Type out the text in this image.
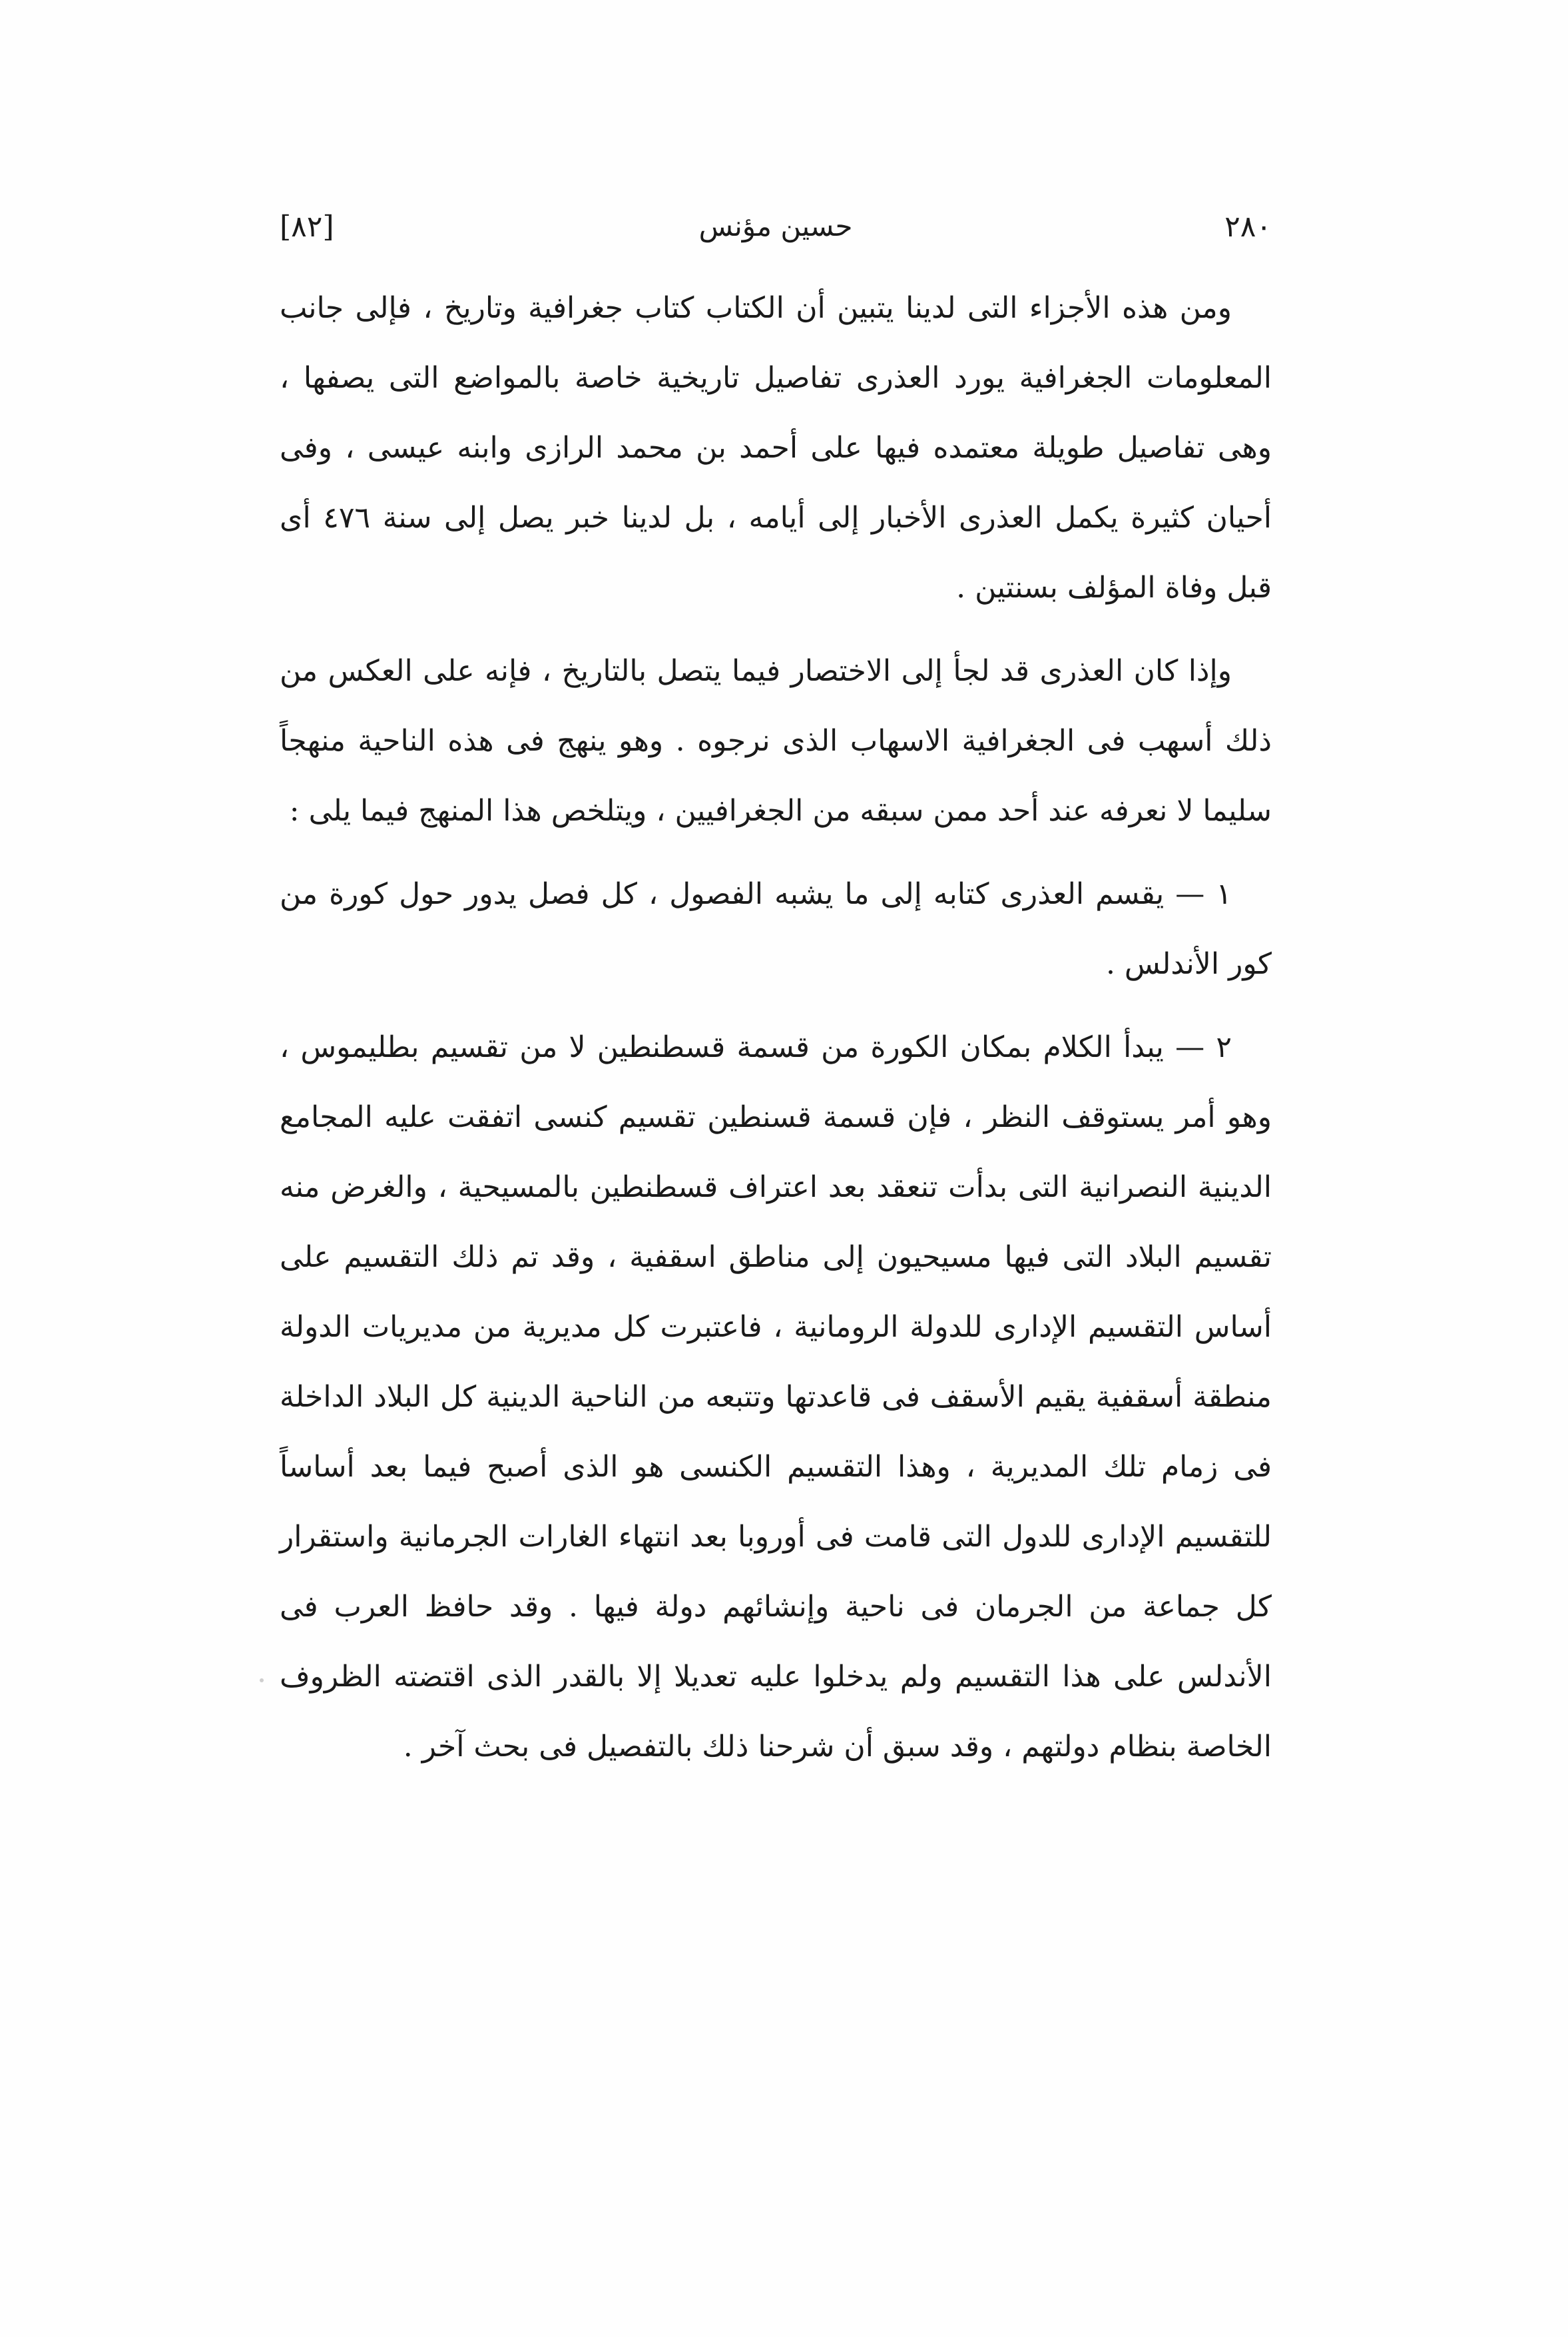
٢٨٠
حسين مؤنس
[٨٢]

ومن هذه الأجزاء التى لدينا يتبين أن الكتاب كتاب جغرافية وتاريخ ، فإلى جانب المعلومات الجغرافية يورد العذرى تفاصيل تاريخية خاصة بالمواضع التى يصفها ، وهى تفاصيل طويلة معتمده فيها على أحمد بن محمد الرازى وابنه عيسى ، وفى أحيان كثيرة يكمل العذرى الأخبار إلى أيامه ، بل لدينا خبر يصل إلى سنة ٤٧٦ أى قبل وفاة المؤلف بسنتين .

وإذا كان العذرى قد لجأ إلى الاختصار فيما يتصل بالتاريخ ، فإنه على العكس من ذلك أسهب فى الجغرافية الاسهاب الذى نرجوه . وهو ينهج فى هذه الناحية منهجاً سليما لا نعرفه عند أحد ممن سبقه من الجغرافيين ، ويتلخص هذا المنهج فيما يلى :

١ — يقسم العذرى كتابه إلى ما يشبه الفصول ، كل فصل يدور حول كورة من كور الأندلس .

٢ — يبدأ الكلام بمكان الكورة من قسمة قسطنطين لا من تقسيم بطليموس ، وهو أمر يستوقف النظر ، فإن قسمة قسنطين تقسيم كنسى اتفقت عليه المجامع الدينية النصرانية التى بدأت تنعقد بعد اعتراف قسطنطين بالمسيحية ، والغرض منه تقسيم البلاد التى فيها مسيحيون إلى مناطق اسقفية ، وقد تم ذلك التقسيم على أساس التقسيم الإدارى للدولة الرومانية ، فاعتبرت كل مديرية من مديريات الدولة منطقة أسقفية يقيم الأسقف فى قاعدتها وتتبعه من الناحية الدينية كل البلاد الداخلة فى زمام تلك المديرية ، وهذا التقسيم الكنسى هو الذى أصبح فيما بعد أساساً للتقسيم الإدارى للدول التى قامت فى أوروبا بعد انتهاء الغارات الجرمانية واستقرار كل جماعة من الجرمان فى ناحية وإنشائهم دولة فيها . وقد حافظ العرب فى الأندلس على هذا التقسيم ولم يدخلوا عليه تعديلا إلا بالقدر الذى اقتضته الظروف الخاصة بنظام دولتهم ، وقد سبق أن شرحنا ذلك بالتفصيل فى بحث آخر .
